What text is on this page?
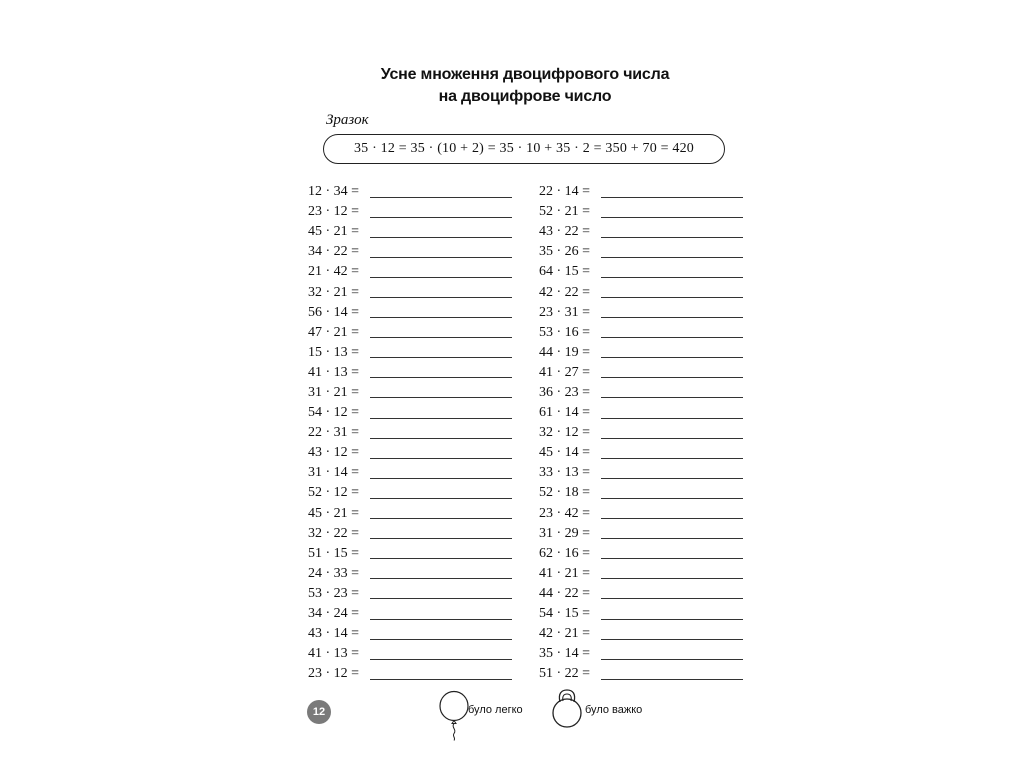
Усне множення двоцифрового числа
на двоцифрове число
Зразок
35 · 12 = 35 · (10 + 2) = 35 · 10 + 35 · 2 = 350 + 70 = 420
12 · 34 =
23 · 12 =
45 · 21 =
34 · 22 =
21 · 42 =
32 · 21 =
56 · 14 =
47 · 21 =
15 · 13 =
41 · 13 =
31 · 21 =
54 · 12 =
22 · 31 =
43 · 12 =
31 · 14 =
52 · 12 =
45 · 21 =
32 · 22 =
51 · 15 =
24 · 33 =
53 · 23 =
34 · 24 =
43 · 14 =
41 · 13 =
23 · 12 =
22 · 14 =
52 · 21 =
43 · 22 =
35 · 26 =
64 · 15 =
42 · 22 =
23 · 31 =
53 · 16 =
44 · 19 =
41 · 27 =
36 · 23 =
61 · 14 =
32 · 12 =
45 · 14 =
33 · 13 =
52 · 18 =
23 · 42 =
31 · 29 =
62 · 16 =
41 · 21 =
44 · 22 =
54 · 15 =
42 · 21 =
35 · 14 =
51 · 22 =
12	було легко	було важко
